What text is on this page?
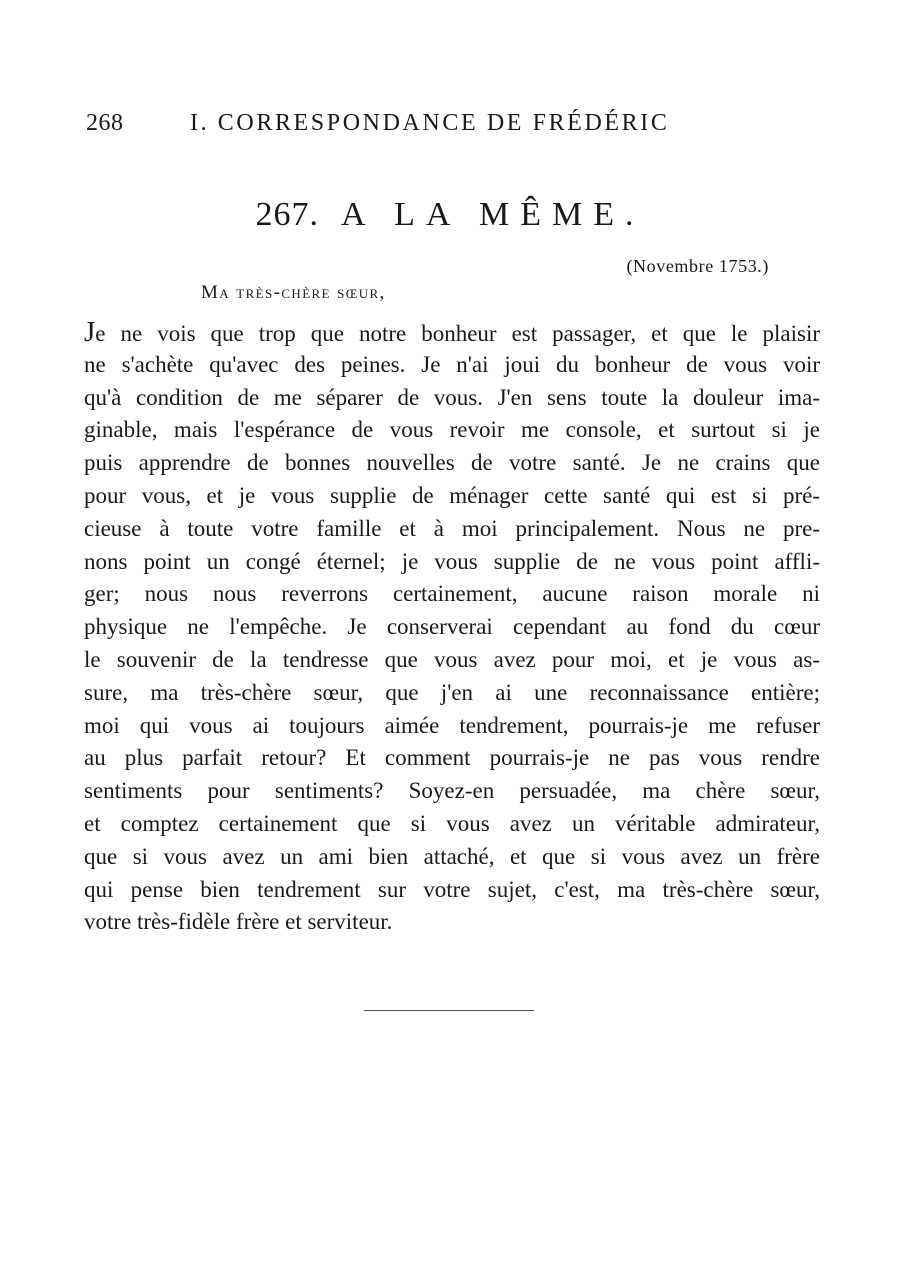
268	I. CORRESPONDANCE DE FRÉDÉRIC
267. A LA MÊME.
(Novembre 1753.)
Ma très-chère sœur,
Je ne vois que trop que notre bonheur est passager, et que le plaisir
ne s'achète qu'avec des peines. Je n'ai joui du bonheur de vous voir
qu'à condition de me séparer de vous. J'en sens toute la douleur ima-
ginable, mais l'espérance de vous revoir me console, et surtout si je
puis apprendre de bonnes nouvelles de votre santé. Je ne crains que
pour vous, et je vous supplie de ménager cette santé qui est si pré-
cieuse à toute votre famille et à moi principalement. Nous ne pre-
nons point un congé éternel; je vous supplie de ne vous point affli-
ger; nous nous reverrons certainement, aucune raison morale ni
physique ne l'empêche. Je conserverai cependant au fond du cœur
le souvenir de la tendresse que vous avez pour moi, et je vous as-
sure, ma très-chère sœur, que j'en ai une reconnaissance entière;
moi qui vous ai toujours aimée tendrement, pourrais-je me refuser
au plus parfait retour? Et comment pourrais-je ne pas vous rendre
sentiments pour sentiments? Soyez-en persuadée, ma chère sœur,
et comptez certainement que si vous avez un véritable admirateur,
que si vous avez un ami bien attaché, et que si vous avez un frère
qui pense bien tendrement sur votre sujet, c'est, ma très-chère sœur,
votre très-fidèle frère et serviteur.
